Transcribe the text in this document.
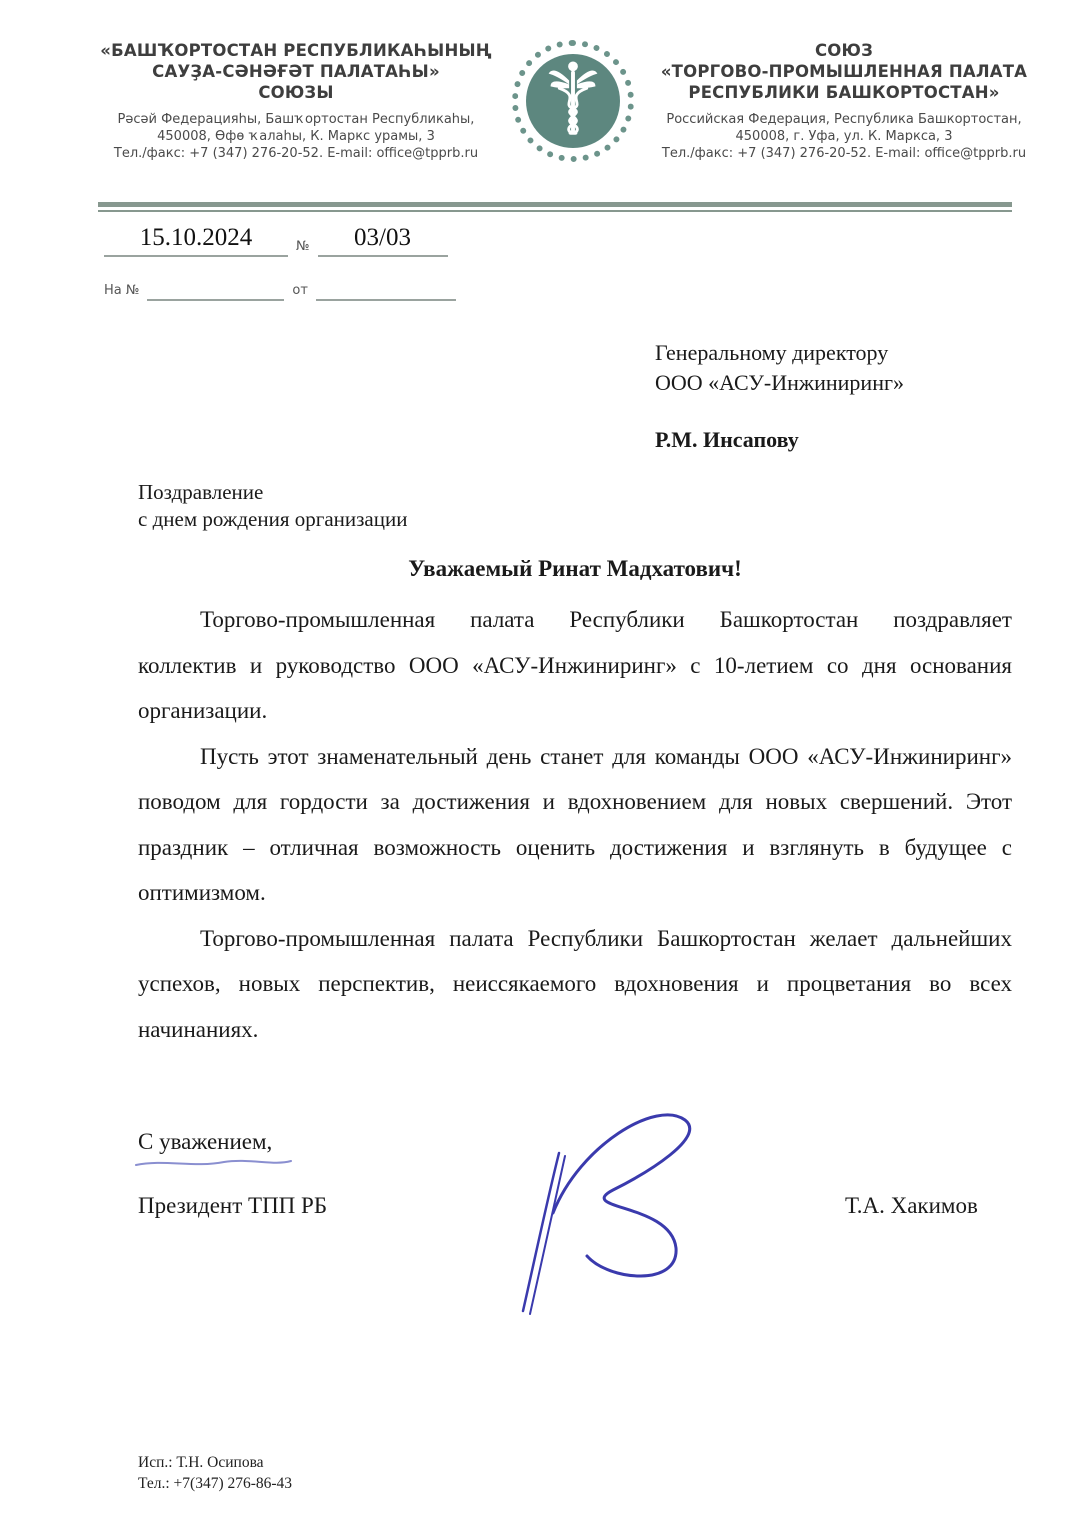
«БАШҠОРТОСТАН РЕСПУБЛИКАҺЫНЫҢ
САУҘА-СӘНӘҒӘТ ПАЛАТАҺЫ»
СОЮЗЫ
Рәсәй Федерацияһы, Башҡортостан Республикаһы,
450008, Өфө ҡалаһы, К. Маркс урамы, 3
Тел./факс: +7 (347) 276-20-52. E-mail: office@tpprb.ru
СОЮЗ
«ТОРГОВО-ПРОМЫШЛЕННАЯ ПАЛАТА
РЕСПУБЛИКИ БАШКОРТОСТАН»
Российская Федерация, Республика Башкортостан,
450008, г. Уфа, ул. К. Маркса, 3
Тел./факс: +7 (347) 276-20-52. E-mail: office@tpprb.ru
15.10.2024	№	03/03
На №	от
Генеральному директору
ООО «АСУ-Инжиниринг»
Р.М. Инсапову
Поздравление
с днем рождения организации
Уважаемый Ринат Мадхатович!

Торгово-промышленная палата Республики Башкортостан поздравляет коллектив и руководство ООО «АСУ-Инжиниринг» с 10-летием со дня основания организации.

Пусть этот знаменательный день станет для команды ООО «АСУ-Инжиниринг» поводом для гордости за достижения и вдохновением для новых свершений. Этот праздник – отличная возможность оценить достижения и взглянуть в будущее с оптимизмом.

Торгово-промышленная палата Республики Башкортостан желает дальнейших успехов, новых перспектив, неиссякаемого вдохновения и процветания во всех начинаниях.

С уважением,
Президент ТПП РБ	Т.А. Хакимов
Исп.: Т.Н. Осипова
Тел.: +7(347) 276-86-43
